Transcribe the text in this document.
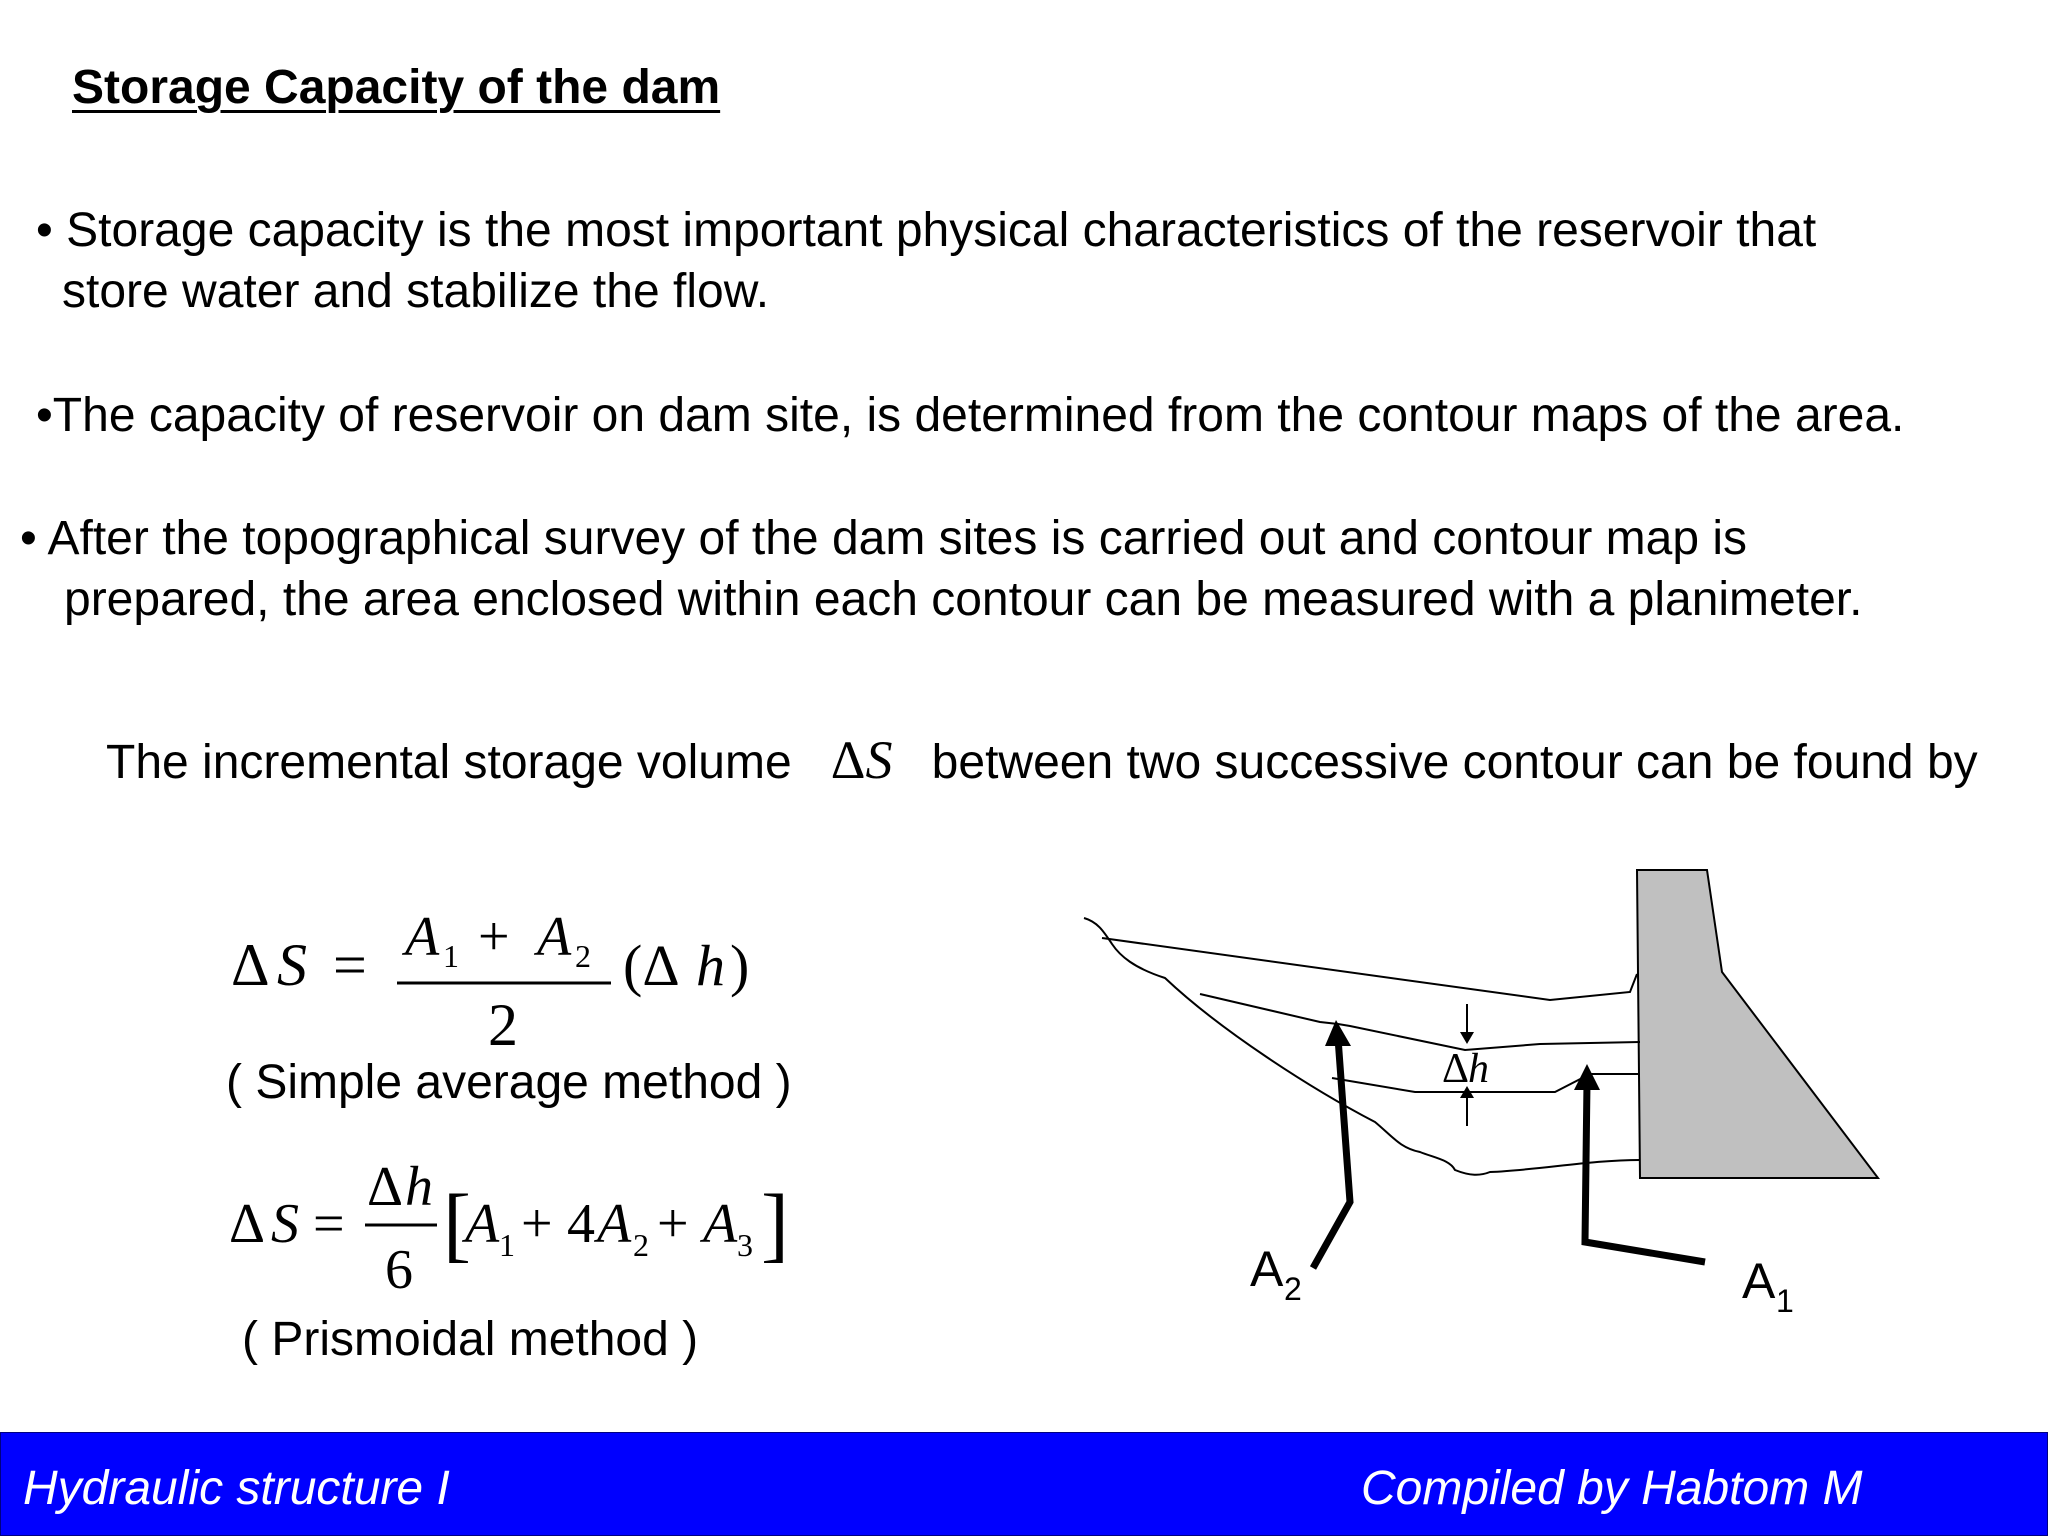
Storage Capacity of the dam
• Storage capacity is the most important physical characteristics of the reservoir that
store water and stabilize the flow.
•The capacity of reservoir on dam site, is determined from the contour maps of the area.
• After the topographical survey of the dam sites is carried out and contour map is
prepared, the area enclosed within each contour can be measured with a planimeter.
The incremental storage volume ΔS between two successive contour can be found by
Δ S = A 1 + A 2
2
(Δ h )
( Simple average method )
Δ S =
Δ h
6 [
A 1 + 4 A 2 + A 3 ]
( Prismoidal method )
Δ
h
A 2	A 1
Hydraulic structure I	Compiled by Habtom M
